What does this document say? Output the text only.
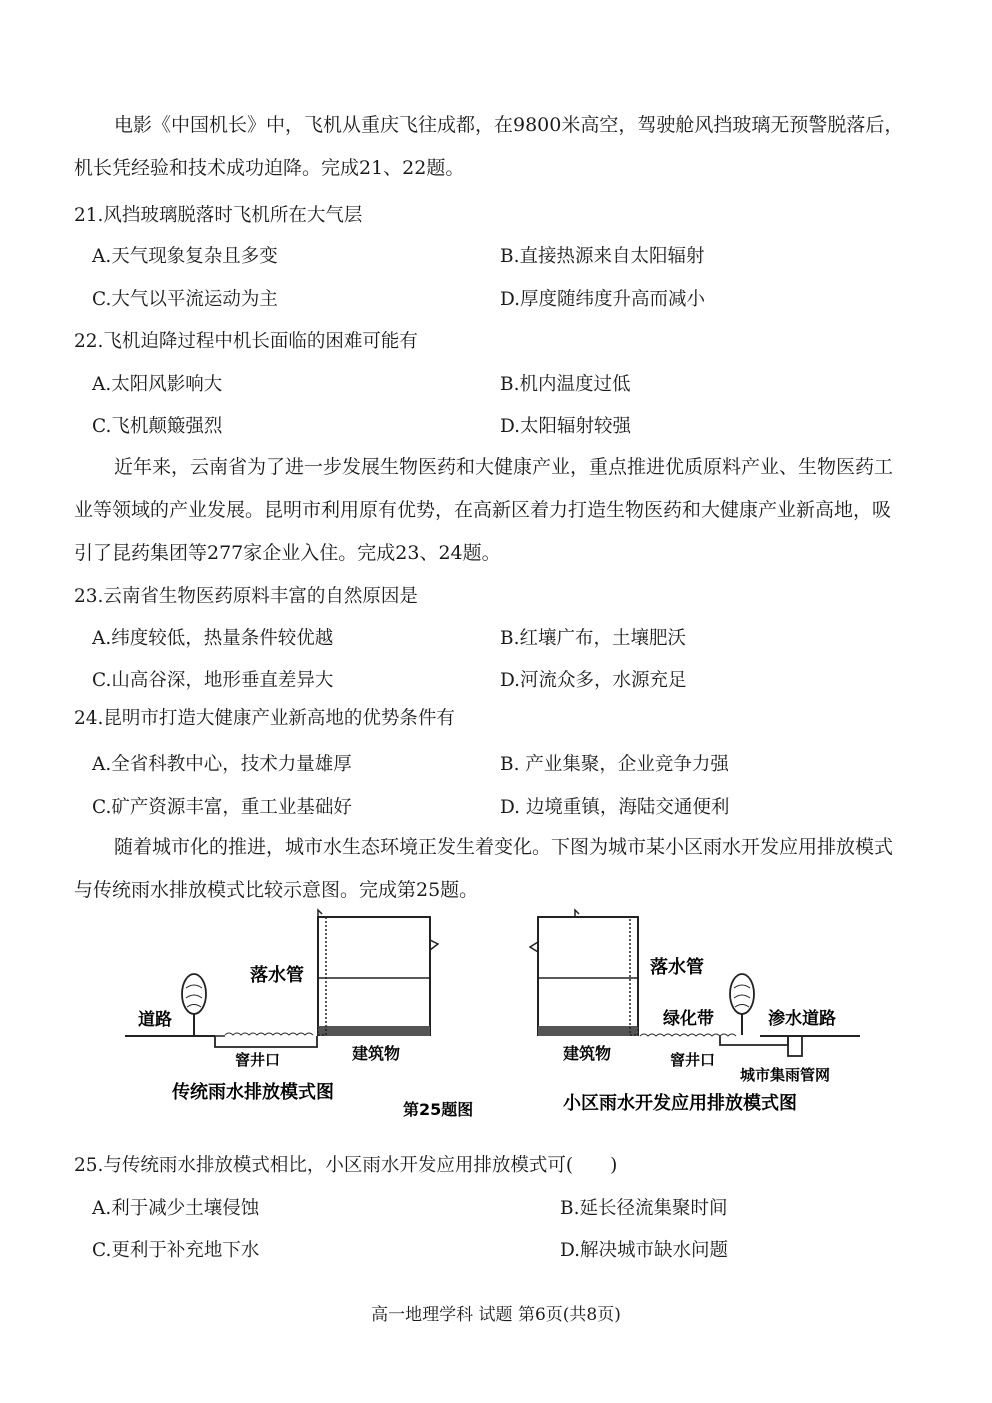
电影《中国机长》中，飞机从重庆飞往成都，在9800米高空，驾驶舱风挡玻璃无预警脱落后，
机长凭经验和技术成功迫降。完成21、22题。

21.风挡玻璃脱落时飞机所在大气层

A.天气现象复杂且多变	B.直接热源来自太阳辐射

C.大气以平流运动为主	D.厚度随纬度升高而减小

22.飞机迫降过程中机长面临的困难可能有

A.太阳风影响大	B.机内温度过低

C.飞机颠簸强烈	D.太阳辐射较强

近年来，云南省为了进一步发展生物医药和大健康产业，重点推进优质原料产业、生物医药工
业等领域的产业发展。昆明市利用原有优势，在高新区着力打造生物医药和大健康产业新高地，吸
引了昆药集团等277家企业入住。完成23、24题。

23.云南省生物医药原料丰富的自然原因是

A.纬度较低，热量条件较优越	B.红壤广布，土壤肥沃

C.山高谷深，地形垂直差异大	D.河流众多，水源充足

24.昆明市打造大健康产业新高地的优势条件有

A.全省科教中心，技术力量雄厚	B. 产业集聚，企业竞争力强

C.矿产资源丰富，重工业基础好	D. 边境重镇，海陆交通便利

随着城市化的推进，城市水生态环境正发生着变化。下图为城市某小区雨水开发应用排放模式
与传统雨水排放模式比较示意图。完成第25题。

道路
窨井口
落水管
建筑物
传统雨水排放模式图
第25题图
落水管
绿化带	渗水道路
窨井口
建筑物
城市集雨管网
小区雨水开发应用排放模式图

25.与传统雨水排放模式相比，小区雨水开发应用排放模式可(　　)

A.利于减少土壤侵蚀	B.延长径流集聚时间

C.更利于补充地下水	D.解决城市缺水问题

高一地理学科 试题 第6页(共8页)
